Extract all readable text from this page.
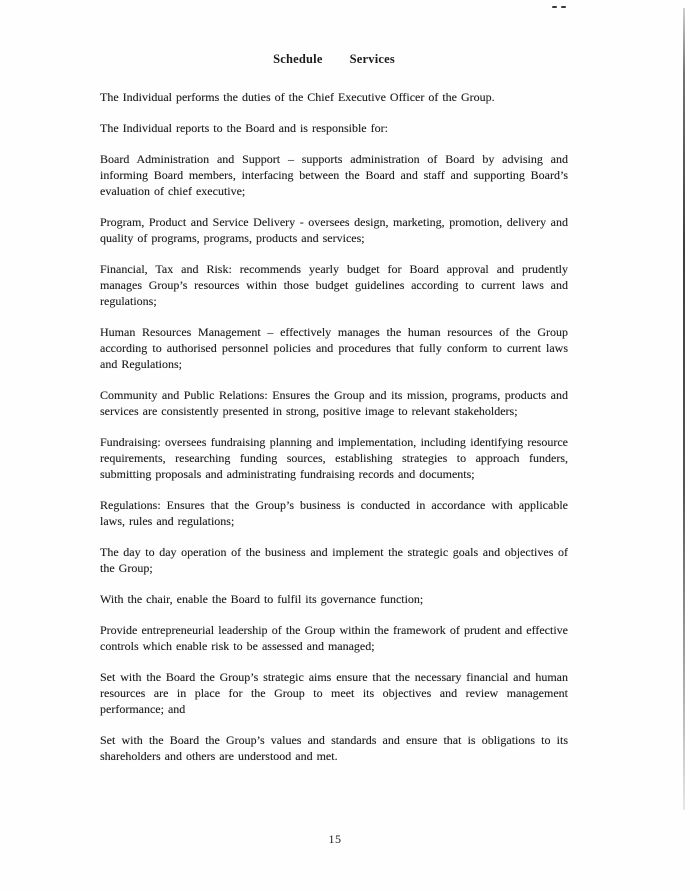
Schedule Services

The Individual performs the duties of the Chief Executive Officer of the Group.

The Individual reports to the Board and is responsible for:

Board Administration and Support – supports administration of Board by advising and informing Board members, interfacing between the Board and staff and supporting Board’s evaluation of chief executive;

Program, Product and Service Delivery - oversees design, marketing, promotion, delivery and quality of programs, programs, products and services;

Financial, Tax and Risk: recommends yearly budget for Board approval and prudently manages Group’s resources within those budget guidelines according to current laws and regulations;

Human Resources Management – effectively manages the human resources of the Group according to authorised personnel policies and procedures that fully conform to current laws and Regulations;

Community and Public Relations: Ensures the Group and its mission, programs, products and services are consistently presented in strong, positive image to relevant stakeholders;

Fundraising: oversees fundraising planning and implementation, including identifying resource requirements, researching funding sources, establishing strategies to approach funders, submitting proposals and administrating fundraising records and documents;

Regulations: Ensures that the Group’s business is conducted in accordance with applicable laws, rules and regulations;

The day to day operation of the business and implement the strategic goals and objectives of the Group;

With the chair, enable the Board to fulfil its governance function;

Provide entrepreneurial leadership of the Group within the framework of prudent and effective controls which enable risk to be assessed and managed;

Set with the Board the Group’s strategic aims ensure that the necessary financial and human resources are in place for the Group to meet its objectives and review management performance; and

Set with the Board the Group’s values and standards and ensure that is obligations to its shareholders and others are understood and met.

15
